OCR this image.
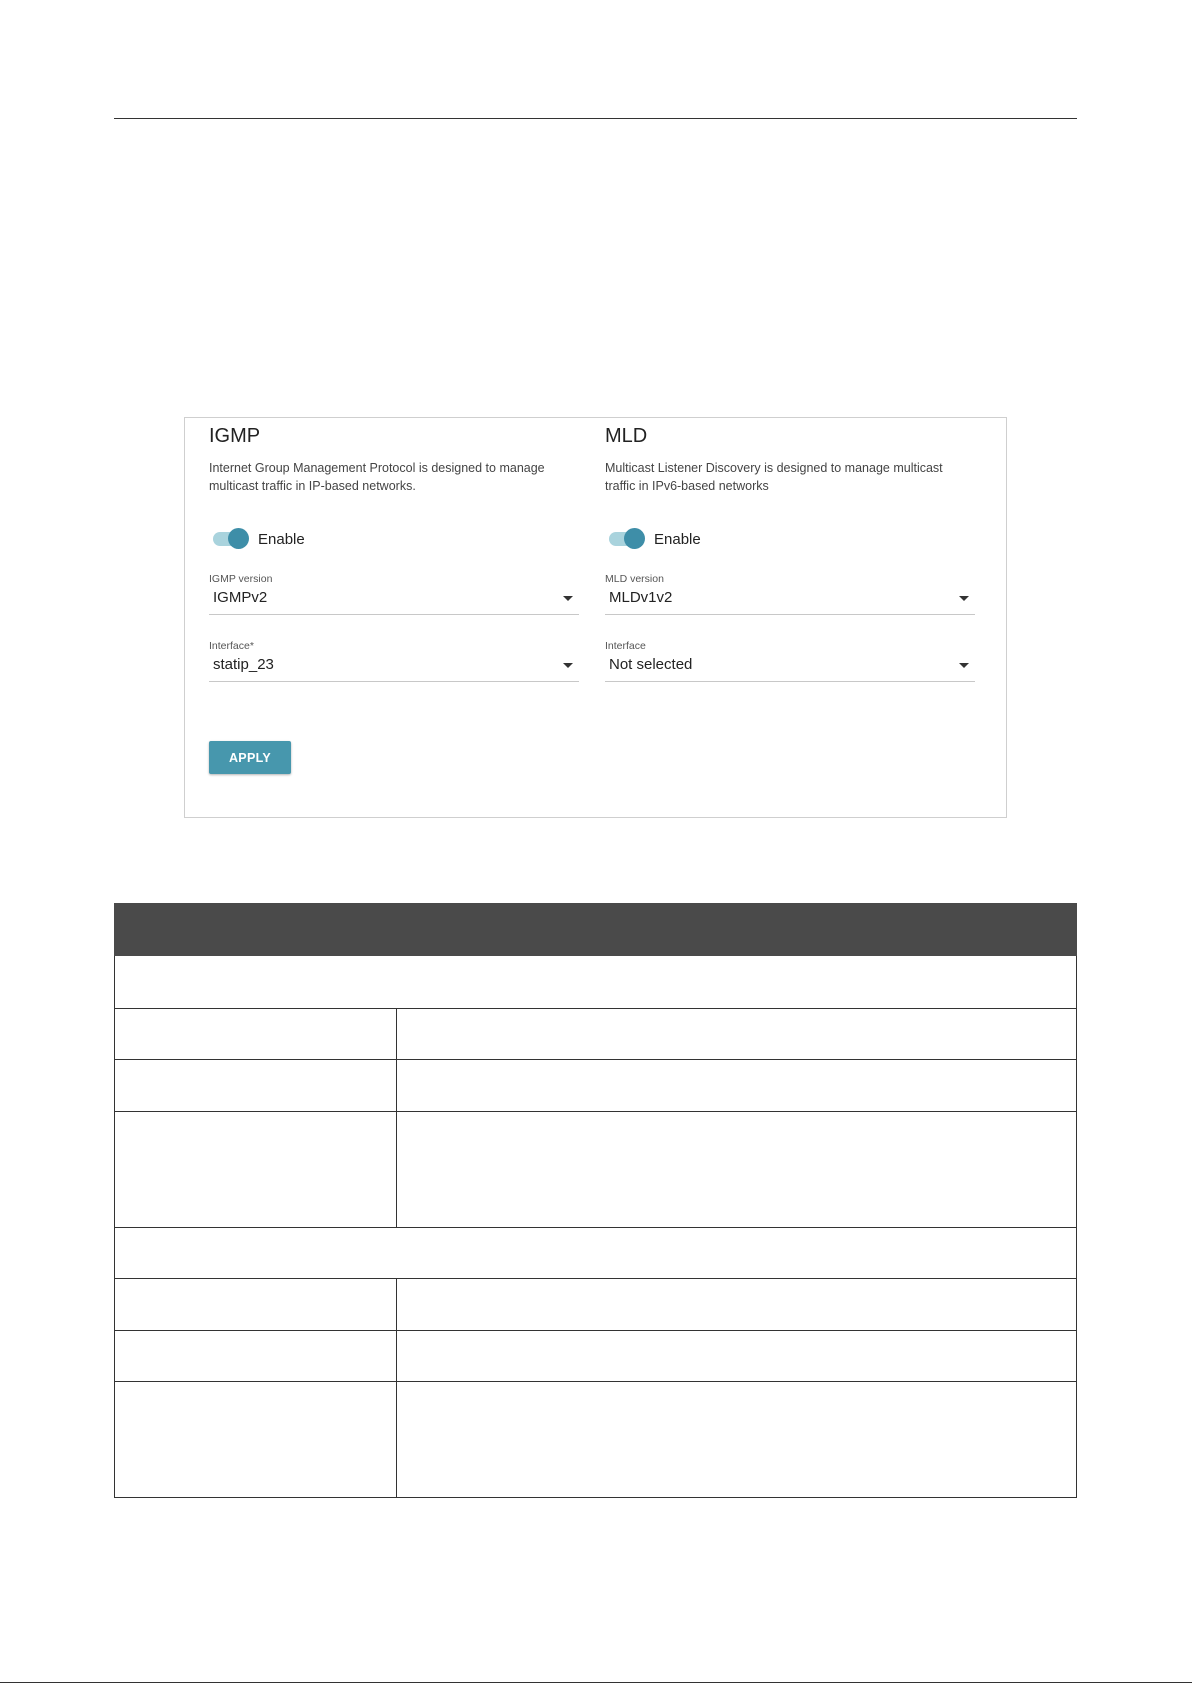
IGMP
Internet Group Management Protocol is designed to manage multicast traffic in IP-based networks.
Enable
IGMP version
IGMPv2
Interface*
statip_23
MLD
Multicast Listener Discovery is designed to manage multicast traffic in IPv6-based networks
Enable
MLD version
MLDv1v2
Interface
Not selected
APPLY
